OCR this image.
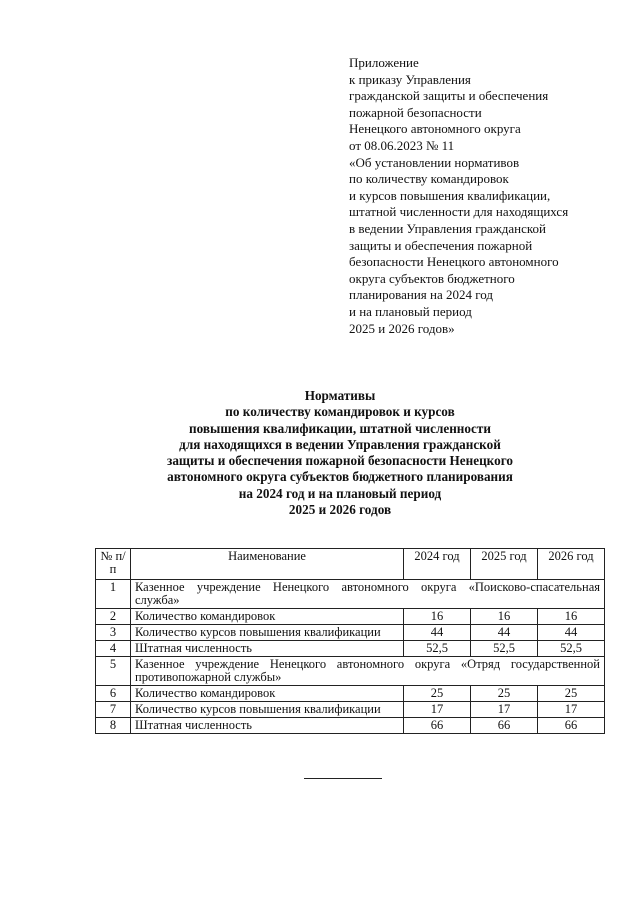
Приложение
к приказу Управления
гражданской защиты и обеспечения
пожарной безопасности
Ненецкого автономного округа
от 08.06.2023 № 11
«Об установлении нормативов
по количеству командировок
и курсов повышения квалификации,
штатной численности для находящихся
в ведении Управления гражданской
защиты и обеспечения пожарной
безопасности Ненецкого автономного
округа субъектов бюджетного
планирования на 2024 год
и на плановый период
2025 и 2026 годов»
Нормативы
по количеству командировок и курсов
повышения квалификации, штатной численности
для находящихся в ведении Управления гражданской
защиты и обеспечения пожарной безопасности Ненецкого
автономного округа субъектов бюджетного планирования
на 2024 год и на плановый период
2025 и 2026 годов
№ п/п	Наименование	2024 год	2025 год	2026 год
1	Казенное учреждение Ненецкого автономного округа «Поисково-спасательная служба»			
2	Количество командировок	16	16	16
3	Количество курсов повышения квалификации	44	44	44
4	Штатная численность	52,5	52,5	52,5
5	Казенное учреждение Ненецкого автономного округа «Отряд государственной противопожарной службы»			
6	Количество командировок	25	25	25
7	Количество курсов повышения квалификации	17	17	17
8	Штатная численность	66	66	66
